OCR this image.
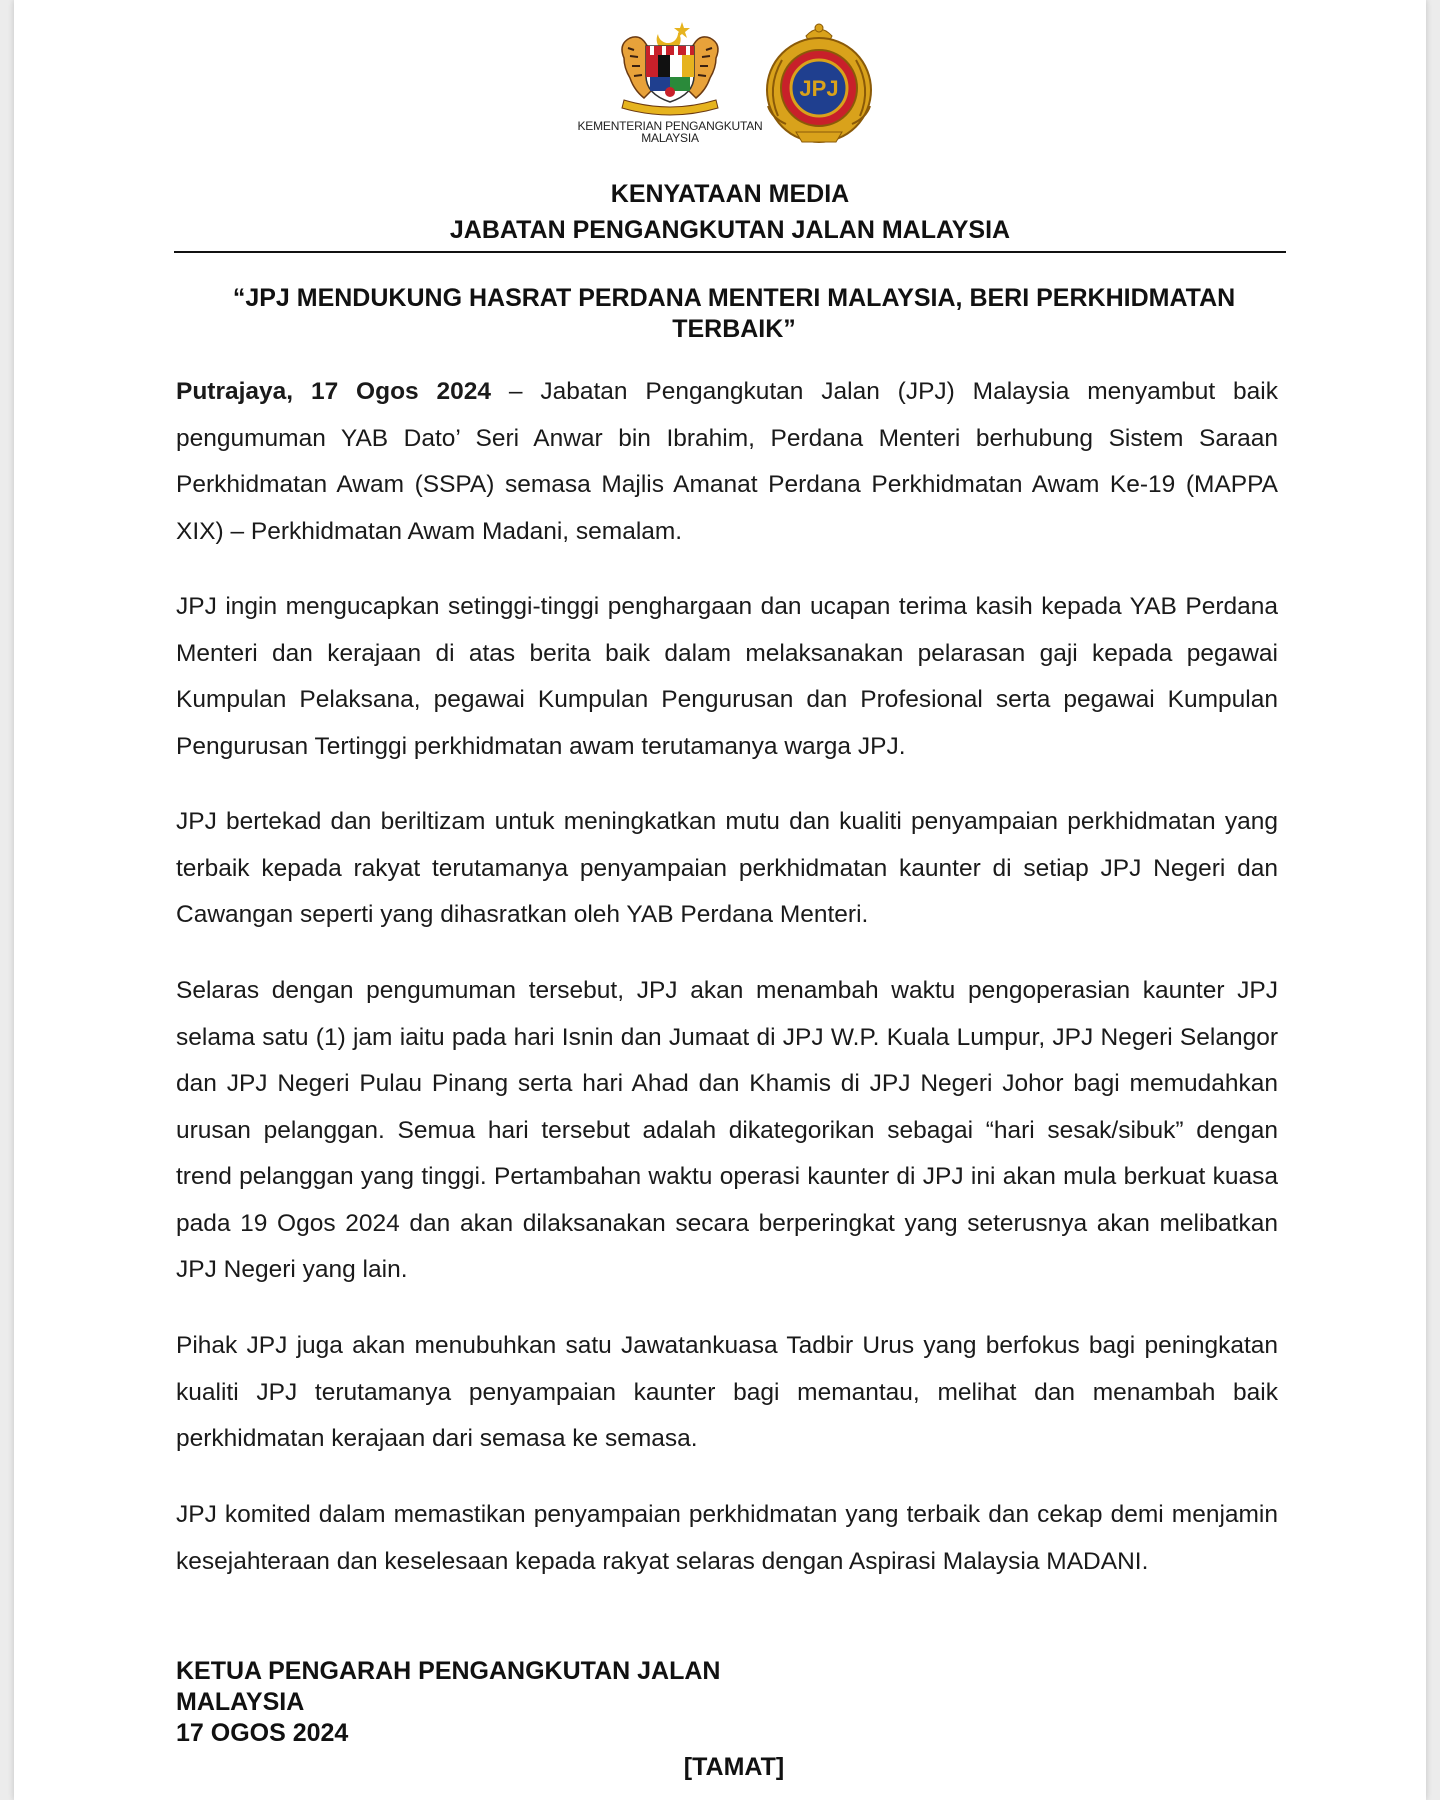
KEMENTERIAN PENGANGKUTAN
MALAYSIA
JPJ
KENYATAAN MEDIA
JABATAN PENGANGKUTAN JALAN MALAYSIA
“JPJ MENDUKUNG HASRAT PERDANA MENTERI MALAYSIA, BERI PERKHIDMATAN TERBAIK”

Putrajaya, 17 Ogos 2024 – Jabatan Pengangkutan Jalan (JPJ) Malaysia menyambut baik pengumuman YAB Dato’ Seri Anwar bin Ibrahim, Perdana Menteri berhubung Sistem Saraan Perkhidmatan Awam (SSPA) semasa Majlis Amanat Perdana Perkhidmatan Awam Ke-19 (MAPPA XIX) – Perkhidmatan Awam Madani, semalam.

JPJ ingin mengucapkan setinggi-tinggi penghargaan dan ucapan terima kasih kepada YAB Perdana Menteri dan kerajaan di atas berita baik dalam melaksanakan pelarasan gaji kepada pegawai Kumpulan Pelaksana, pegawai Kumpulan Pengurusan dan Profesional serta pegawai Kumpulan Pengurusan Tertinggi perkhidmatan awam terutamanya warga JPJ.

JPJ bertekad dan beriltizam untuk meningkatkan mutu dan kualiti penyampaian perkhidmatan yang terbaik kepada rakyat terutamanya penyampaian perkhidmatan kaunter di setiap JPJ Negeri dan Cawangan seperti yang dihasratkan oleh YAB Perdana Menteri.

Selaras dengan pengumuman tersebut, JPJ akan menambah waktu pengoperasian kaunter JPJ selama satu (1) jam iaitu pada hari Isnin dan Jumaat di JPJ W.P. Kuala Lumpur, JPJ Negeri Selangor dan JPJ Negeri Pulau Pinang serta hari Ahad dan Khamis di JPJ Negeri Johor bagi memudahkan urusan pelanggan. Semua hari tersebut adalah dikategorikan sebagai “hari sesak/sibuk” dengan trend pelanggan yang tinggi. Pertambahan waktu operasi kaunter di JPJ ini akan mula berkuat kuasa pada 19 Ogos 2024 dan akan dilaksanakan secara berperingkat yang seterusnya akan melibatkan JPJ Negeri yang lain.

Pihak JPJ juga akan menubuhkan satu Jawatankuasa Tadbir Urus yang berfokus bagi peningkatan kualiti JPJ terutamanya penyampaian kaunter bagi memantau, melihat dan menambah baik perkhidmatan kerajaan dari semasa ke semasa.

JPJ komited dalam memastikan penyampaian perkhidmatan yang terbaik dan cekap demi menjamin kesejahteraan dan keselesaan kepada rakyat selaras dengan Aspirasi Malaysia MADANI.

KETUA PENGARAH PENGANGKUTAN JALAN
MALAYSIA
17 OGOS 2024
[TAMAT]
